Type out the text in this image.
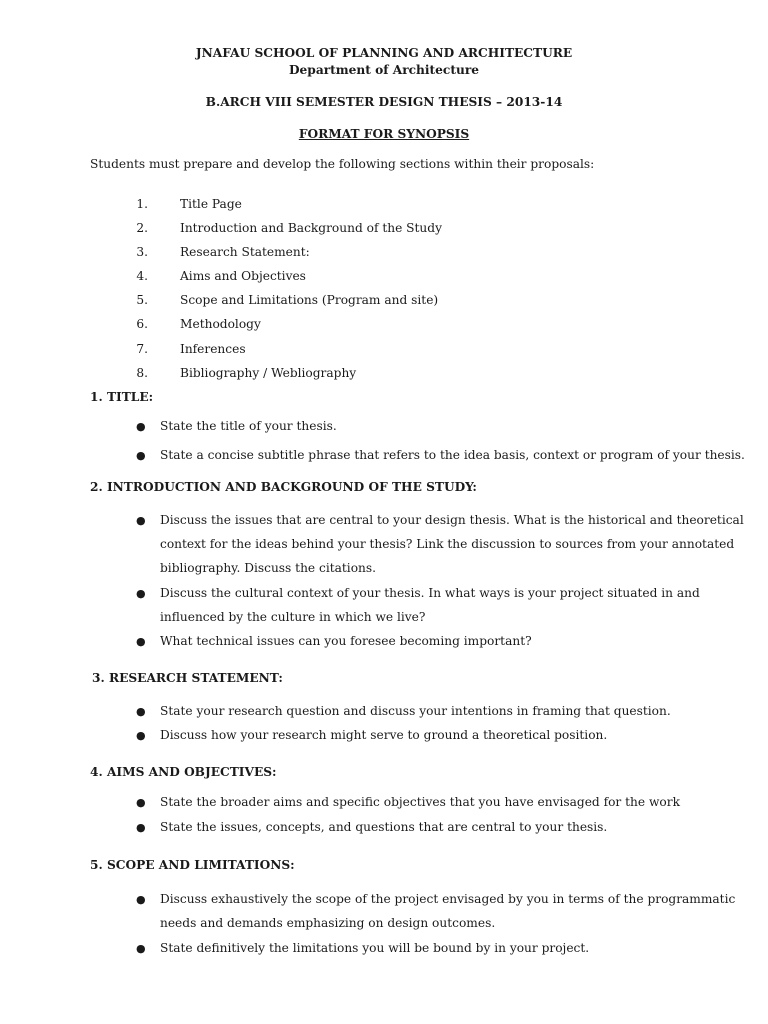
JNAFAU SCHOOL OF PLANNING AND ARCHITECTURE
Department of Architecture
B.ARCH VIII SEMESTER DESIGN THESIS – 2013-14
FORMAT FOR SYNOPSIS
Students must prepare and develop the following sections within their proposals:
1.	Title Page
2.	Introduction and Background of the Study
3.	Research Statement:
4.	Aims and Objectives
5.	Scope and Limitations (Program and site)
6.	Methodology
7.	Inferences
8.	Bibliography / Webliography
1. TITLE:
● State the title of your thesis.
● State a concise subtitle phrase that refers to the idea basis, context or program of your thesis.
2. INTRODUCTION AND BACKGROUND OF THE STUDY:
● Discuss the issues that are central to your design thesis. What is the historical and theoretical
context for the ideas behind your thesis? Link the discussion to sources from your annotated
bibliography. Discuss the citations.
● Discuss the cultural context of your thesis. In what ways is your project situated in and
influenced by the culture in which we live?
● What technical issues can you foresee becoming important?
3. RESEARCH STATEMENT:
● State your research question and discuss your intentions in framing that question.
● Discuss how your research might serve to ground a theoretical position.
4. AIMS AND OBJECTIVES:
● State the broader aims and specific objectives that you have envisaged for the work
● State the issues, concepts, and questions that are central to your thesis.
5. SCOPE AND LIMITATIONS:
● Discuss exhaustively the scope of the project envisaged by you in terms of the programmatic
needs and demands emphasizing on design outcomes.
● State definitively the limitations you will be bound by in your project.
